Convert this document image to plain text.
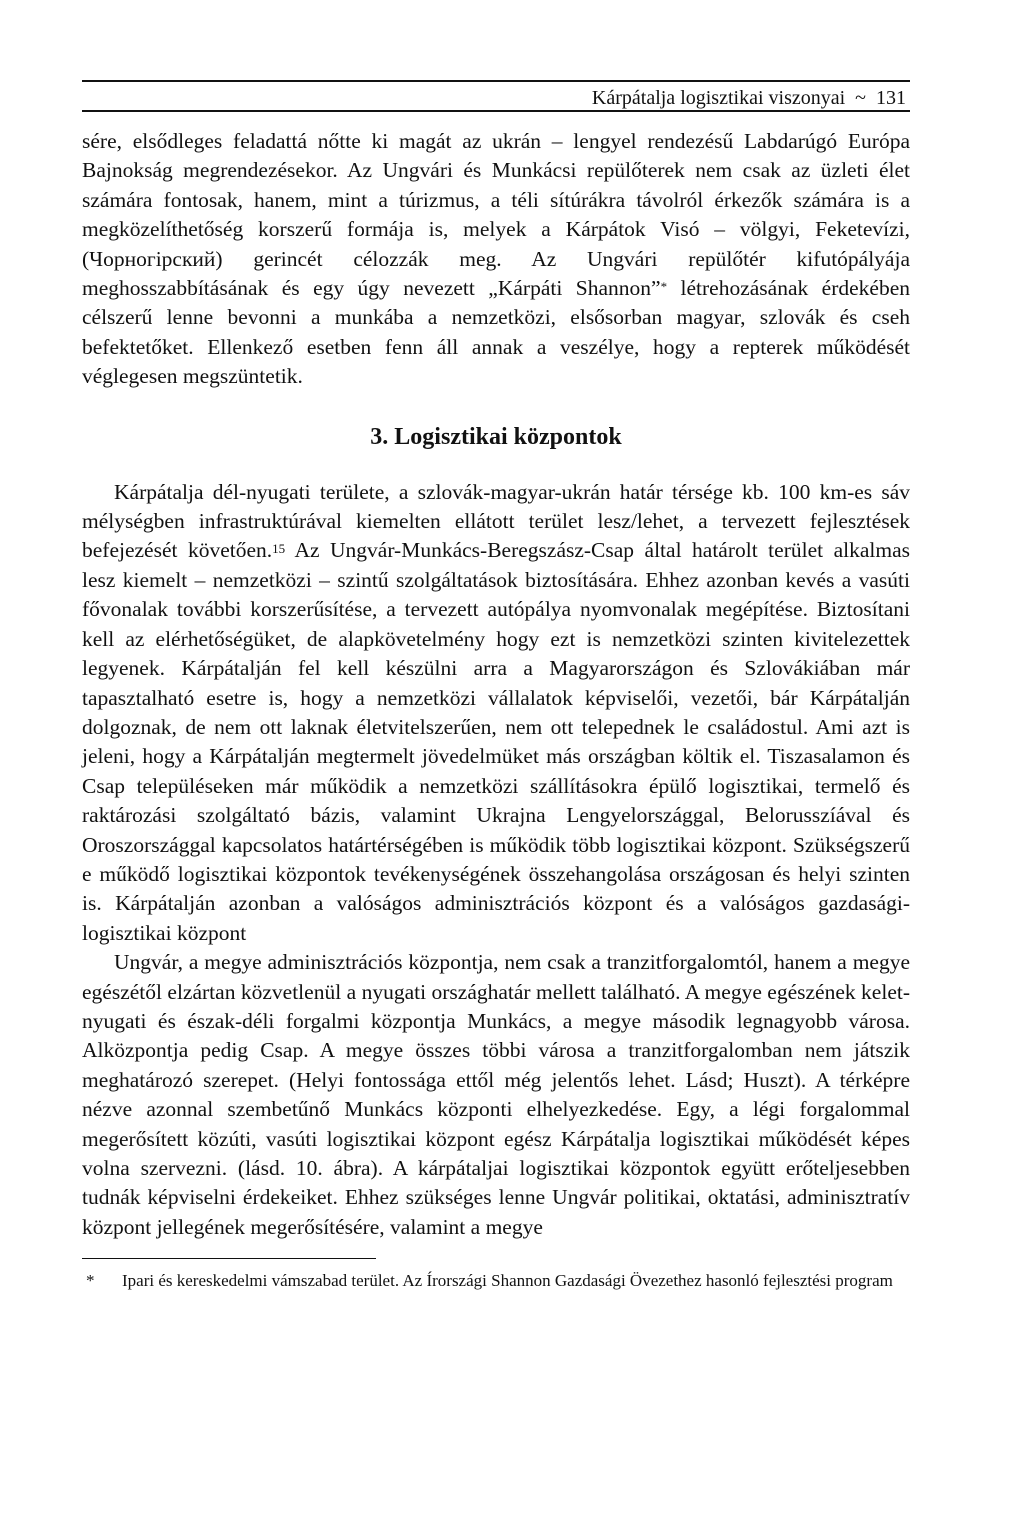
Kárpátalja logisztikai viszonyai ~ 131

sére, elsődleges feladattá nőtte ki magát az ukrán – lengyel rendezésű Labdarúgó Európa Bajnokság megrendezésekor. Az Ungvári és Munkácsi repülőterek nem csak az üzleti élet számára fontosak, hanem, mint a túrizmus, a téli sítúrákra távolról érkezők számára is a megközelíthetőség korszerű formája is, melyek a Kárpátok Visó – völgyi, Feketevízi, (Чорногірский) gerincét célozzák meg. Az Ungvári repülőtér kifutópályája meghosszabbításának és egy úgy nevezett „Kárpáti Shannon”* létrehozásának érdekében célszerű lenne bevonni a munkába a nemzetközi, elsősorban magyar, szlovák és cseh befektetőket. Ellenkező esetben fenn áll annak a veszélye, hogy a repterek működését véglegesen megszüntetik.

3. Logisztikai központok

Kárpátalja dél-nyugati területe, a szlovák-magyar-ukrán határ térsége kb. 100 km-es sáv mélységben infrastruktúrával kiemelten ellátott terület lesz/lehet, a tervezett fejlesztések befejezését követően.$^{15}$ Az Ungvár-Munkács-Beregszász-Csap által határolt terület alkalmas lesz kiemelt – nemzetközi – szintű szolgáltatások biztosítására. Ehhez azonban kevés a vasúti fővonalak további korszerűsítése, a tervezett autópálya nyomvonalak megépítése. Biztosítani kell az elérhetőségüket, de alapkövetelmény hogy ezt is nemzetközi szinten kivitelezettek legyenek. Kárpátalján fel kell készülni arra a Magyarországon és Szlovákiában már tapasztalható esetre is, hogy a nemzetközi vállalatok képviselői, vezetői, bár Kárpátalján dolgoznak, de nem ott laknak életvitelszerűen, nem ott telepednek le családostul. Ami azt is jeleni, hogy a Kárpátalján megtermelt jövedelmüket más országban költik el. Tiszasalamon és Csap településeken már működik a nemzetközi szállításokra épülő logisztikai, termelő és raktározási szolgáltató bázis, valamint Ukrajna Lengyelországgal, Belorusszíával és Oroszországgal kapcsolatos határtérségében is működik több logisztikai központ. Szükségszerű e működő logisztikai központok tevékenységének összehangolása országosan és helyi szinten is. Kárpátalján azonban a valóságos adminisztrációs központ és a valóságos gazdasági-logisztikai központ

Ungvár, a megye adminisztrációs központja, nem csak a tranzitforgalomtól, hanem a megye egészétől elzártan közvetlenül a nyugati országhatár mellett található. A megye egészének kelet-nyugati és észak-déli forgalmi központja Munkács, a megye második legnagyobb városa. Alközpontja pedig Csap. A megye összes többi városa a tranzitforgalomban nem játszik meghatározó szerepet. (Helyi fontossága ettől még jelentős lehet. Lásd; Huszt). A térképre nézve azonnal szembetűnő Munkács központi elhelyezkedése. Egy, a légi forgalommal megerősített közúti, vasúti logisztikai központ egész Kárpátalja logisztikai működését képes volna szervezni. (lásd. 10. ábra). A kárpátaljai logisztikai központok együtt erőteljesebben tudnák képviselni érdekeiket. Ehhez szükséges lenne Ungvár politikai, oktatási, adminisztratív központ jellegének megerősítésére, valamint a megye

*	Ipari és kereskedelmi vámszabad terület. Az Írországi Shannon Gazdasági Övezethez hasonló fejlesztési program
